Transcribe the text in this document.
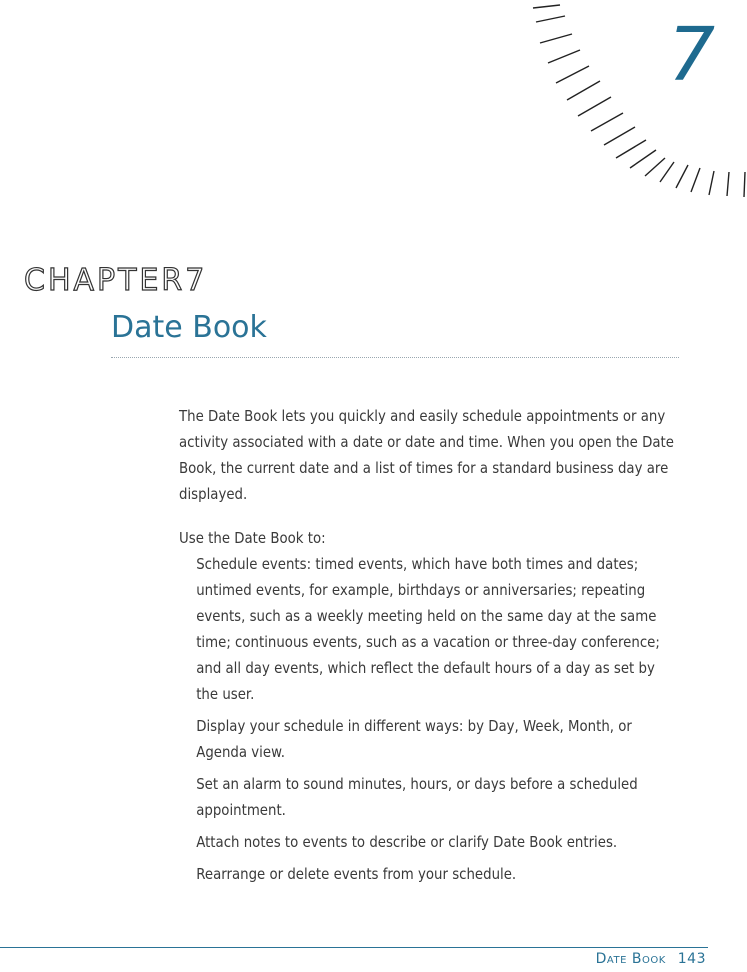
7
CHAPTER7
Date Book

The Date Book lets you quickly and easily schedule appointments or any activity associated with a date or date and time. When you open the Date Book, the current date and a list of times for a standard business day are displayed.

Use the Date Book to:

Schedule events: timed events, which have both times and dates; untimed events, for example, birthdays or anniversaries; repeating events, such as a weekly meeting held on the same day at the same time; continuous events, such as a vacation or three-day conference; and all day events, which reflect the default hours of a day as set by the user.
Display your schedule in different ways: by Day, Week, Month, or Agenda view.
Set an alarm to sound minutes, hours, or days before a scheduled appointment.
Attach notes to events to describe or clarify Date Book entries.
Rearrange or delete events from your schedule.
Date Book 143
